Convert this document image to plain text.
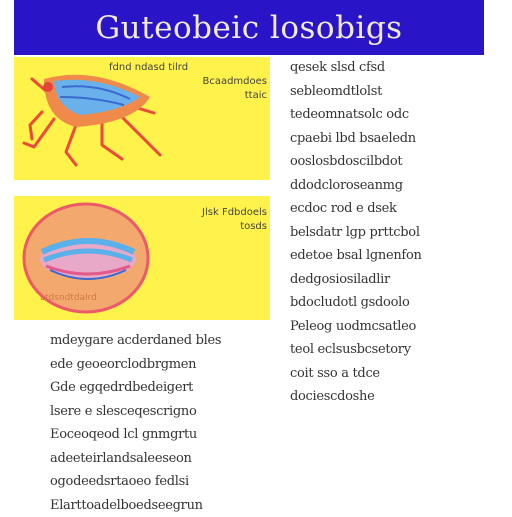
Guteobeic losobigs
fdnd ndasd tilrd
Bcaadmdoes
ttaic
Jlsk Fdbdoels
tosds
Ltdsndtdalrd
qesek slsd cfsd
sebleomdtlolst
tedeomnatsolc odc
cpaebi lbd bsaeledn
ooslosbdoscilbdot
ddodcloroseanmg
ecdoc rod e dsek
belsdatr lgp prttcbol
edetoe bsal lgnenfon
dedgosiosiladlir
bdocludotl gsdoolo
Peleog uodmcsatleo
teol eclsusbcsetory
coit sso a tdce
dociescdoshe
mdeygare acderdaned bles
ede geoeorclodbrgmen
Gde egqedrdbedeigert
lsere e slesceqescrigno
Eoceoqeod lcl gnmgrtu
adeeteirlandsaleeseon
ogodeedsrtaoeo fedlsi
Elarttoadelboedseegrun
